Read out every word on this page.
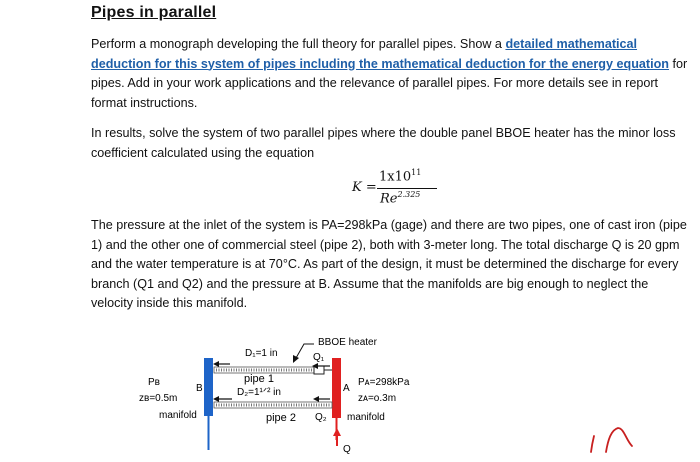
Pipes in parallel
Perform a monograph developing the full theory for parallel pipes. Show a detailed mathematical deduction for this system of pipes including the mathematical deduction for the energy equation for pipes. Add in your work applications and the relevance of parallel pipes. For more details see in report format instructions.
In results, solve the system of two parallel pipes where the double panel BBOE heater has the minor loss coefficient calculated using the equation
K =
$1x10^{11}$
$Re^{2.325}$
The pressure at the inlet of the system is PA=298kPa (gage) and there are two pipes, one of cast iron (pipe 1) and the other one of commercial steel (pipe 2), both with 3-meter long. The total discharge Q is 20 gpm and the water temperature is at 70°C. As part of the design, it must be determined the discharge for every branch (Q1 and Q2) and the pressure at B. Assume that the manifolds are big enough to neglect the velocity inside this manifold.
BBOE heater
D₁=1 in	Q₁
pipe 1
D₂=1¹ᐟ² in
pipe 2 Q₂
Pʙ
B
zʙ=0.5m
manifold
A
Pᴀ=298kPa
zᴀ=o.3m
manifold
Q
